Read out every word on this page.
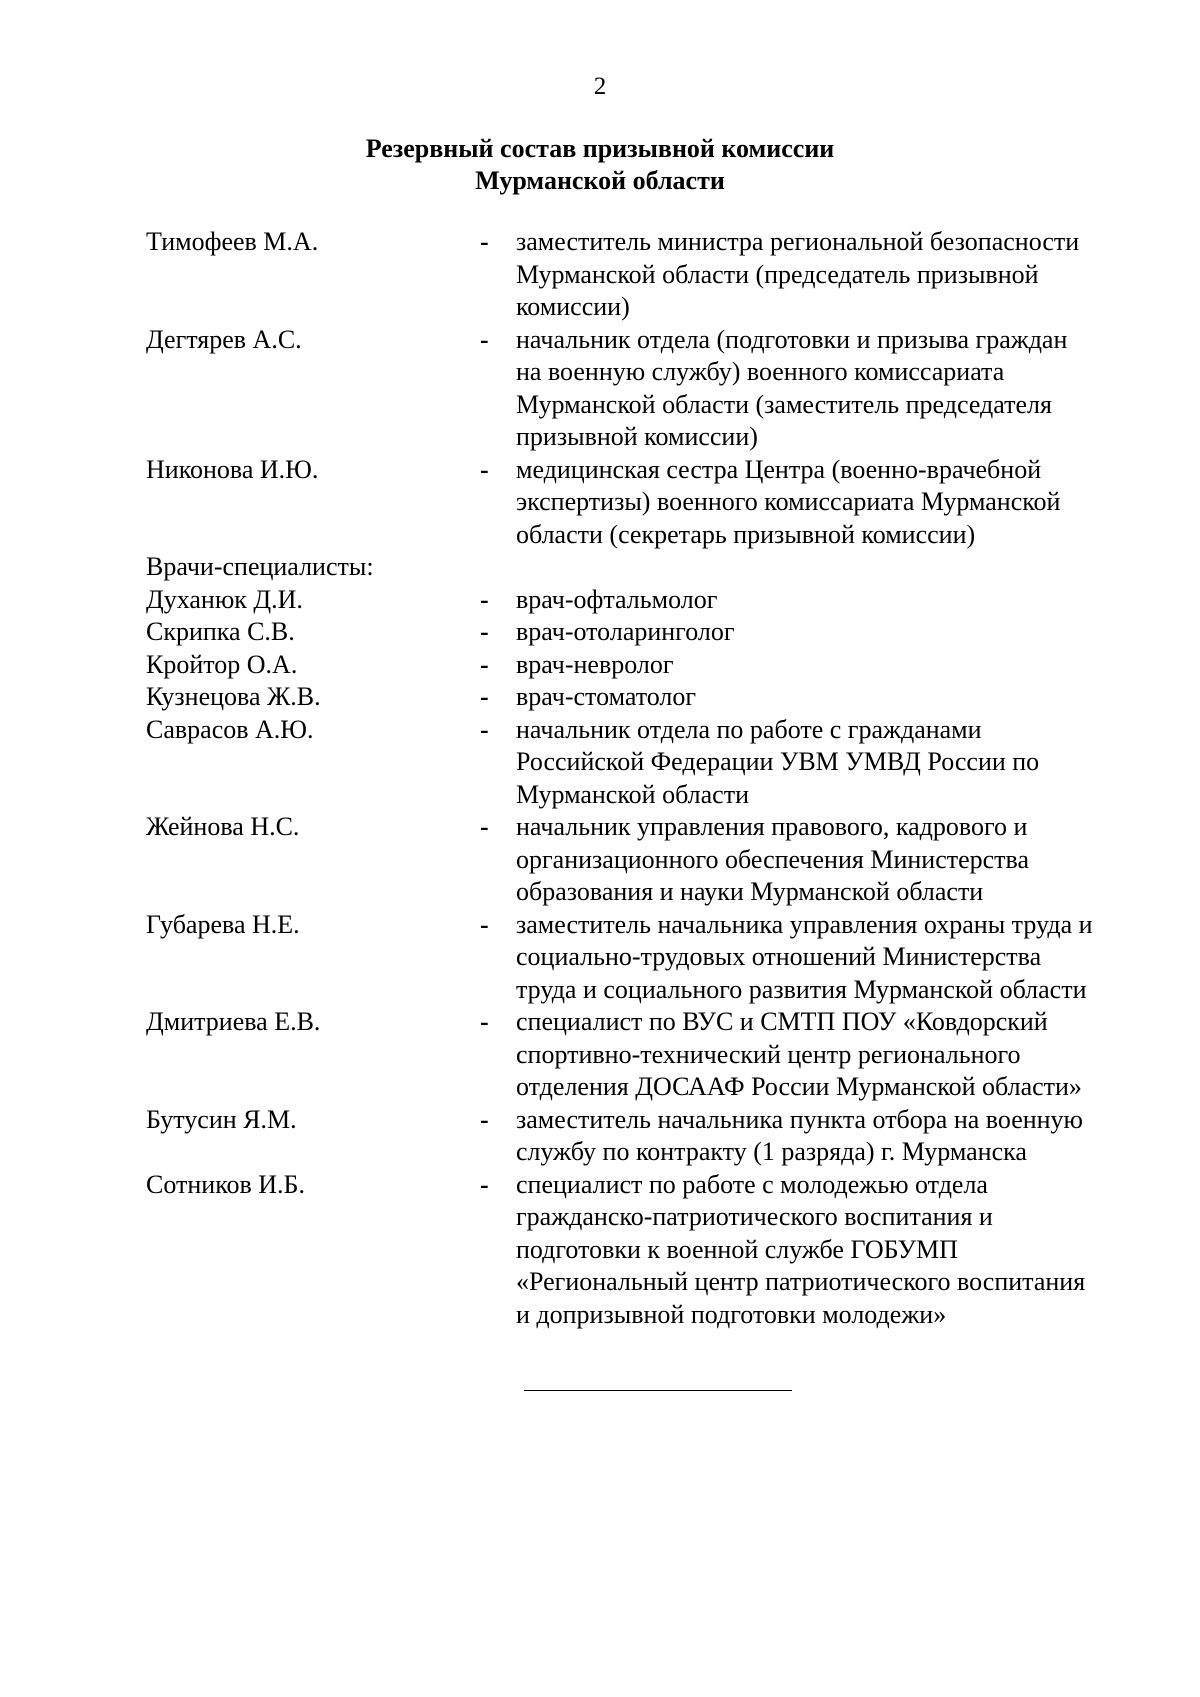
2
Резервный состав призывной комиссии
Мурманской области
Тимофеев М.А.	-	заместитель министра региональной безопасности
Мурманской области (председатель призывной
комиссии)
Дегтярев А.С.	-	начальник отдела (подготовки и призыва граждан
на военную службу) военного комиссариата
Мурманской области (заместитель председателя
призывной комиссии)
Никонова И.Ю.	-	медицинская сестра Центра (военно-врачебной
экспертизы) военного комиссариата Мурманской
области (секретарь призывной комиссии)
Врачи-специалисты:
Духанюк Д.И.	-	врач-офтальмолог
Скрипка С.В.	-	врач-отоларинголог
Кройтор О.А.	-	врач-невролог
Кузнецова Ж.В.	-	врач-стоматолог
Саврасов А.Ю.	-	начальник отдела по работе с гражданами
Российской Федерации УВМ УМВД России по
Мурманской области
Жейнова Н.С.	-	начальник управления правового, кадрового и
организационного обеспечения Министерства
образования и науки Мурманской области
Губарева Н.Е.	-	заместитель начальника управления охраны труда и
социально-трудовых отношений Министерства
труда и социального развития Мурманской области
Дмитриева Е.В.	-	специалист по ВУС и СМТП ПОУ «Ковдорский
спортивно-технический центр регионального
отделения ДОСААФ России Мурманской области»
Бутусин Я.М.	-	заместитель начальника пункта отбора на военную
службу по контракту (1 разряда) г. Мурманска
Сотников И.Б.	-	специалист по работе с молодежью отдела
гражданско-патриотического воспитания и
подготовки к военной службе ГОБУМП
«Региональный центр патриотического воспитания
и допризывной подготовки молодежи»
